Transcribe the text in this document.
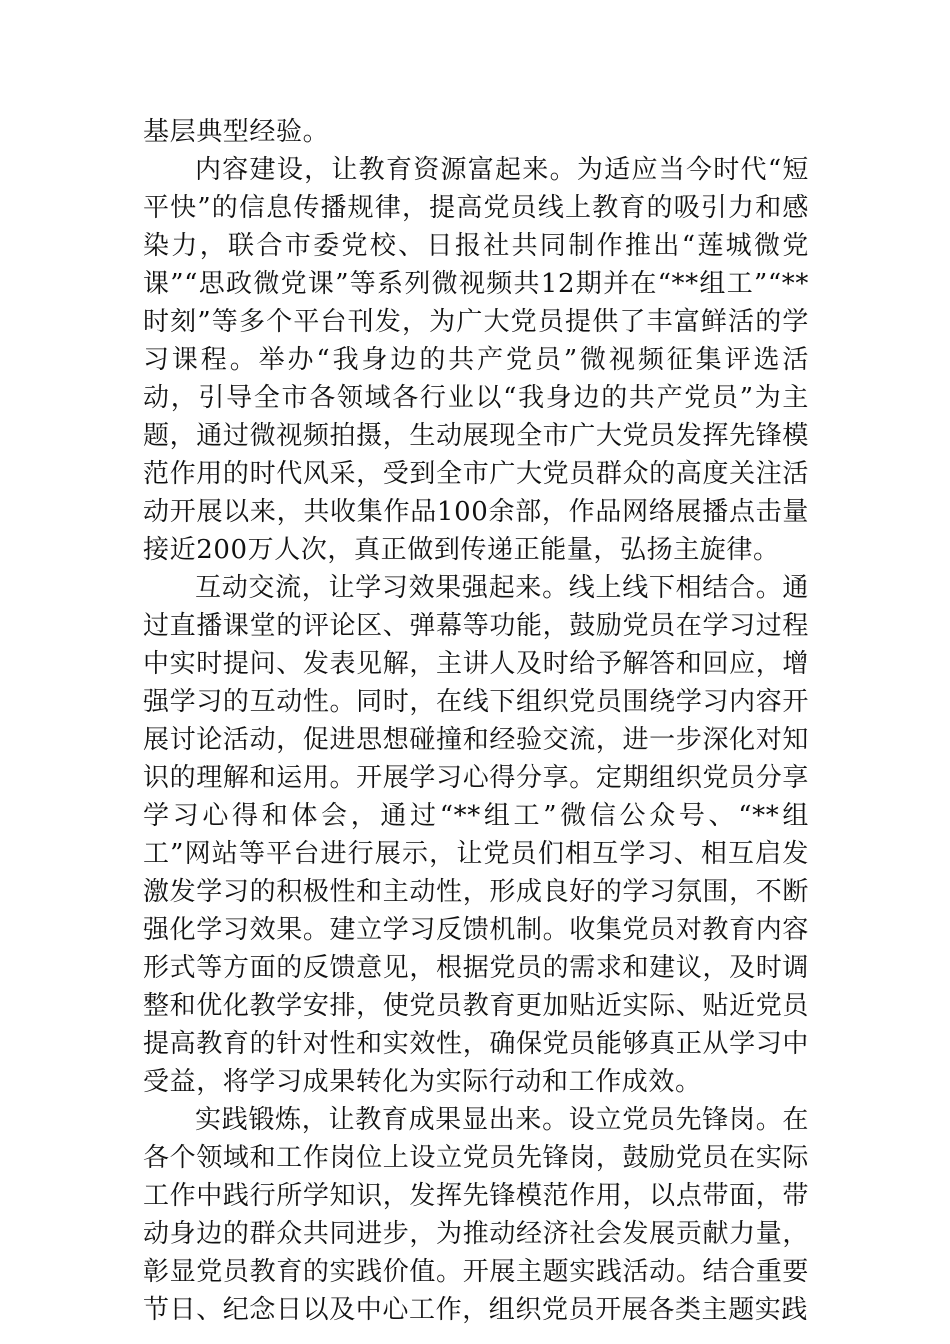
基层典型经验。

内容建设，让教育资源富起来。为适应当今时代“短平快”的信息传播规律，提高党员线上教育的吸引力和感染力，联合市委党校、日报社共同制作推出“莲城微党课”“思政微党课”等系列微视频共12期并在“**组工”“**时刻”等多个平台刊发，为广大党员提供了丰富鲜活的学习课程。举办“我身边的共产党员”微视频征集评选活动，引导全市各领域各行业以“我身边的共产党员”为主题，通过微视频拍摄，生动展现全市广大党员发挥先锋模范作用的时代风采，受到全市广大党员群众的高度关注活动开展以来，共收集作品100余部，作品网络展播点击量接近200万人次，真正做到传递正能量，弘扬主旋律。

互动交流，让学习效果强起来。线上线下相结合。通过直播课堂的评论区、弹幕等功能，鼓励党员在学习过程中实时提问、发表见解，主讲人及时给予解答和回应，增强学习的互动性。同时，在线下组织党员围绕学习内容开展讨论活动，促进思想碰撞和经验交流，进一步深化对知识的理解和运用。开展学习心得分享。定期组织党员分享学习心得和体会，通过“**组工”微信公众号、“**组工”网站等平台进行展示，让党员们相互学习、相互启发激发学习的积极性和主动性，形成良好的学习氛围，不断强化学习效果。建立学习反馈机制。收集党员对教育内容形式等方面的反馈意见，根据党员的需求和建议，及时调整和优化教学安排，使党员教育更加贴近实际、贴近党员提高教育的针对性和实效性，确保党员能够真正从学习中受益，将学习成果转化为实际行动和工作成效。

实践锻炼，让教育成果显出来。设立党员先锋岗。在各个领域和工作岗位上设立党员先锋岗，鼓励党员在实际工作中践行所学知识，发挥先锋模范作用，以点带面，带动身边的群众共同进步，为推动经济社会发展贡献力量，彰显党员教育的实践价值。开展主题实践活动。结合重要节日、纪念日以及中心工作，组织党员开展各类主题实践
